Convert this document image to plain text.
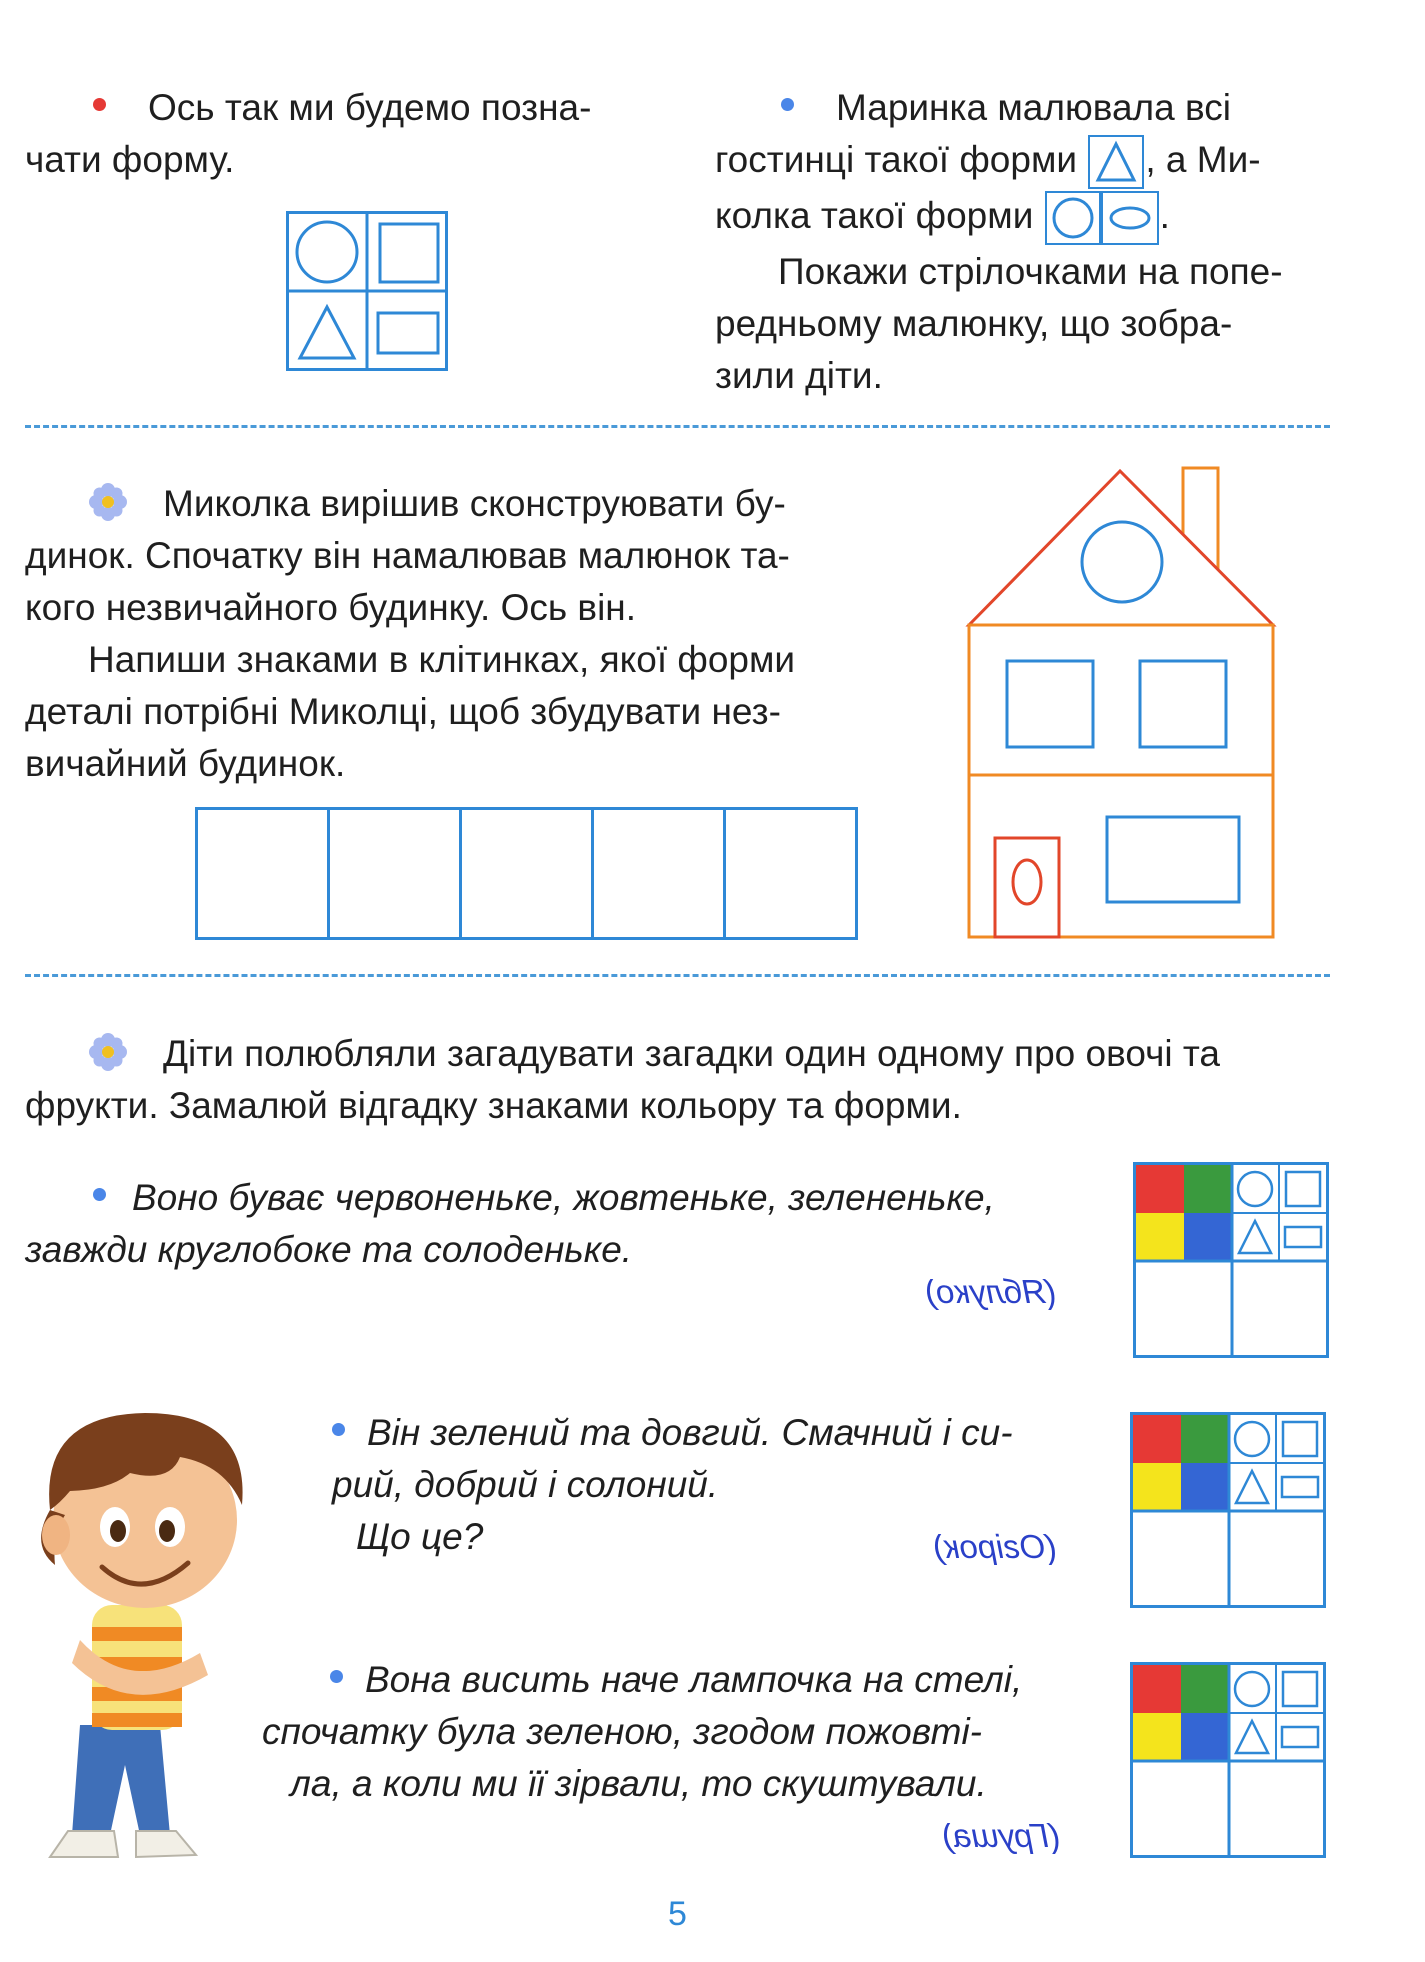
Ось так ми будемо позна-
чати форму.

Маринка малювала всі
гостинці такої форми , а Ми-
колка такої форми	.
Покажи стрілочками на попе-
редньому малюнку, що зобра-
зили діти.

Миколка вирішив сконструювати бу-
динок. Спочатку він намалював малюнок та-
кого незвичайного будинку. Ось він.
Напиши знаками в клітинках, якої форми
деталі потрібні Миколці, щоб збудувати нез-
вичайний будинок.

Діти полюбляли загадувати загадки один одному про овочі та
фрукти. Замалюй відгадку знаками кольору та форми.

Воно буває червоненьке, жовтеньке, зелененьке,
завжди круглобоке та солоденьке.

(Яблуко)

Він зелений та довгий. Смачний і си-
рий, добрий і солоний.
Що це?	(Огірок)

Вона висить наче лампочка на стелі,
спочатку була зеленою, згодом пожовті-
ла, а коли ми її зірвали, то скуштували.

(Груша)
5
